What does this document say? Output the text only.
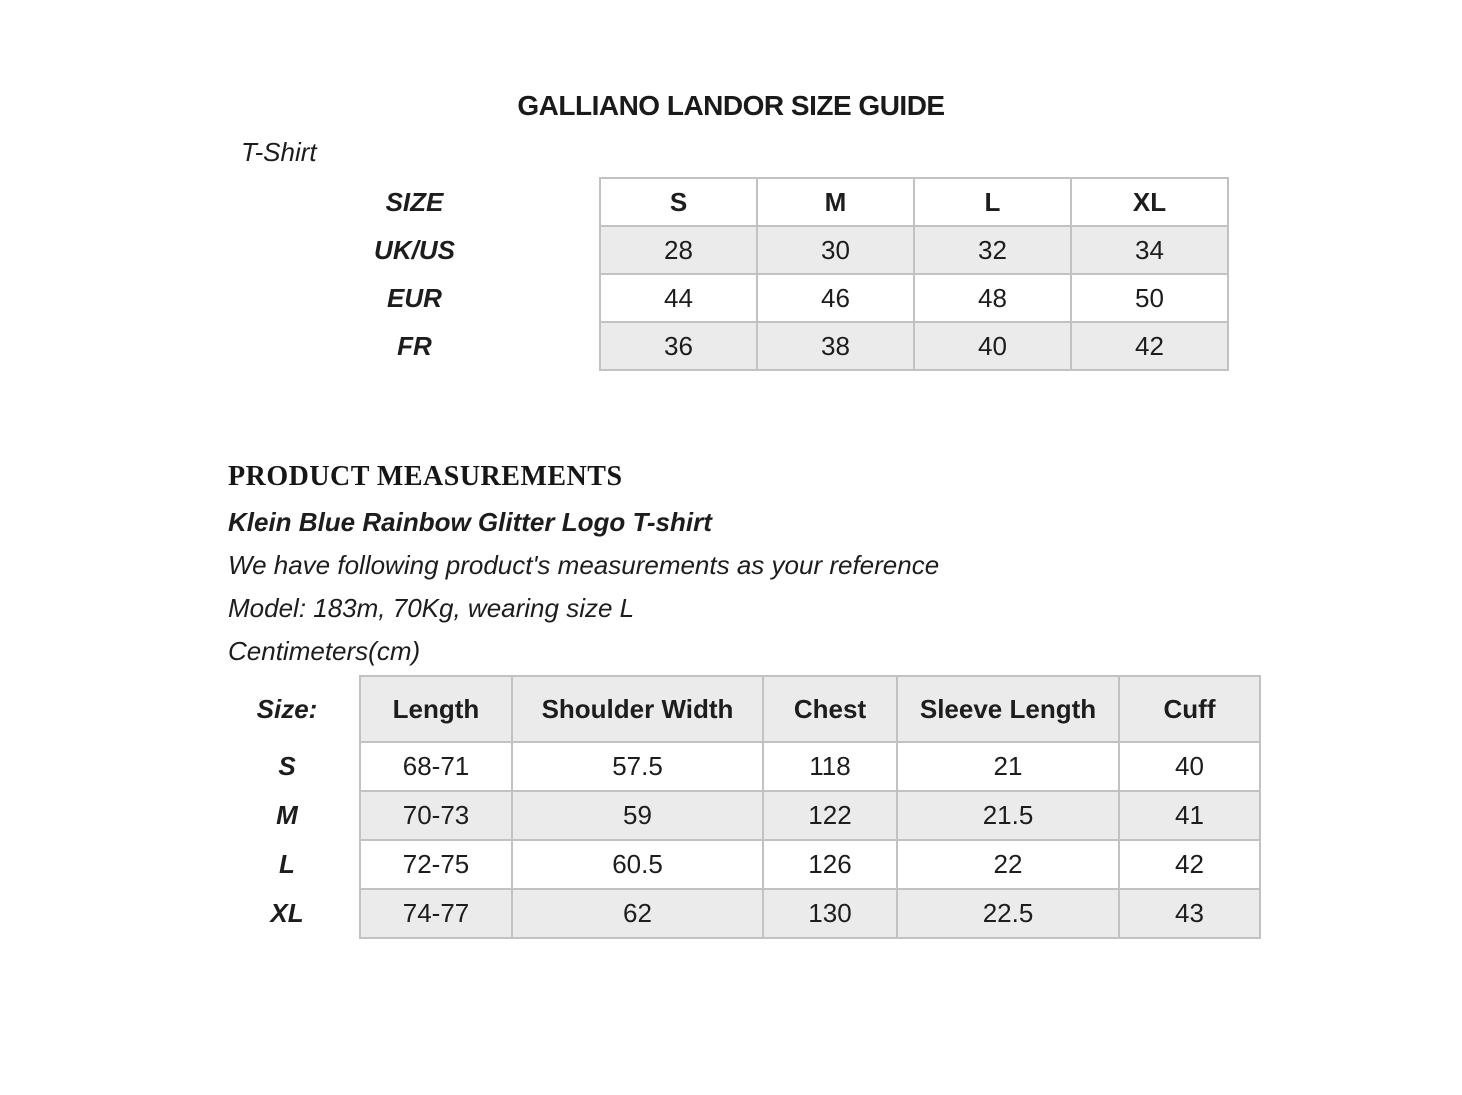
GALLIANO LANDOR SIZE GUIDE
T-Shirt
SIZE	S	M	L	XL
UK/US	28	30	32	34
EUR	44	46	48	50
FR	36	38	40	42
PRODUCT MEASUREMENTS
Klein Blue Rainbow Glitter Logo T-shirt
We have following product's measurements as your reference
Model: 183m, 70Kg, wearing size L
Centimeters(cm)
Size:	Length	Shoulder Width	Chest	Sleeve Length	Cuff
S	68-71	57.5	118	21	40
M	70-73	59	122	21.5	41
L	72-75	60.5	126	22	42
XL	74-77	62	130	22.5	43
